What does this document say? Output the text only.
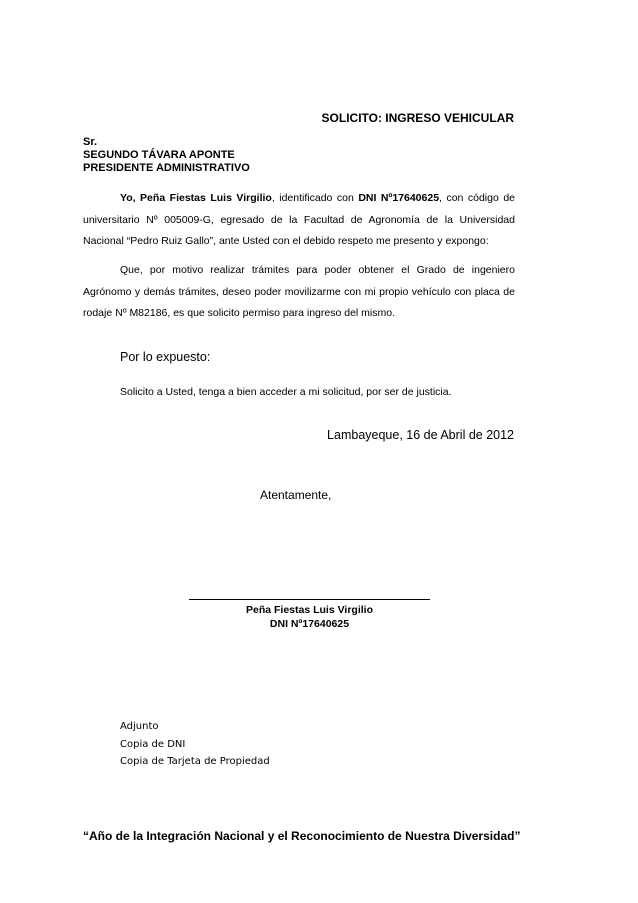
SOLICITO: INGRESO VEHICULAR
Sr.
SEGUNDO TÁVARA APONTE
PRESIDENTE ADMINISTRATIVO
Yo, Peña Fiestas Luis Virgilio, identificado con DNI Nº17640625, con código de universitario Nº 005009-G, egresado de la Facultad de Agronomía de la Universidad Nacional “Pedro Ruiz Gallo”, ante Usted con el debido respeto me presento y expongo:
Que, por motivo realizar trámites para poder obtener el Grado de ingeniero Agrónomo y demás trámites, deseo poder movilizarme con mi propio vehículo con placa de rodaje Nº M82186, es que solicito permiso para ingreso del mismo.
Por lo expuesto:
Solicito a Usted, tenga a bien acceder a mi solicitud, por ser de justicia.
Lambayeque, 16 de Abril de 2012
Atentamente,
Peña Fiestas Luis Virgilio
DNI Nº17640625
Adjunto
Copia de DNI
Copia de Tarjeta de Propiedad
“Año de la Integración Nacional y el Reconocimiento de Nuestra Diversidad”
